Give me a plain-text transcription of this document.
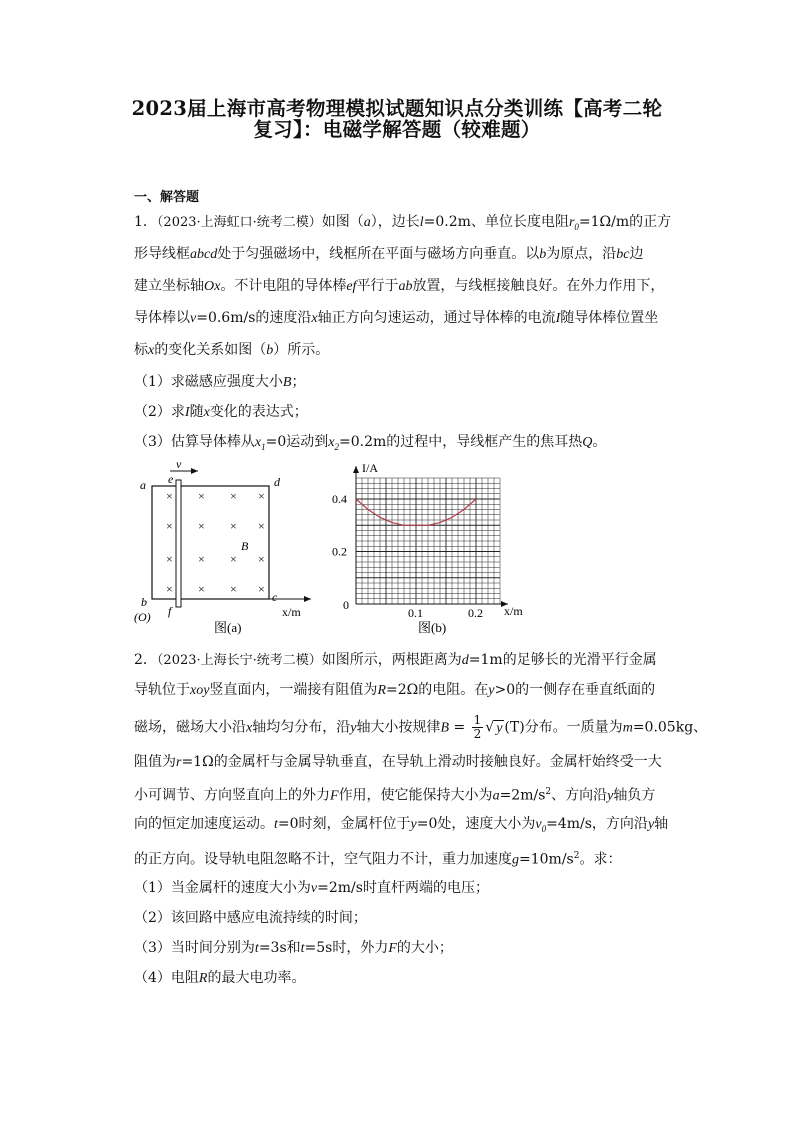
2023届上海市高考物理模拟试题知识点分类训练【高考二轮
复习】：电磁学解答题（较难题）
一、解答题
1．（2023·上海虹口·统考二模）如图（a），边长l=0.2m、单位长度电阻$r_0=1\Omega/m$的正方
形导线框abcd处于匀强磁场中，线框所在平面与磁场方向垂直。以b为原点，沿bc边
建立坐标轴Ox。不计电阻的导体棒ef平行于ab放置，与线框接触良好。在外力作用下，
导体棒以v=0.6m/s的速度沿x轴正方向匀速运动，通过导体棒的电流I随导体棒位置坐
标x的变化关系如图（b）所示。
（1）求磁感应强度大小B；
（2）求I随x变化的表达式；
（3）估算导体棒从$x_1=0$运动到$x_2=0.2m$的过程中，导线框产生的焦耳热Q。
v
a e	d
B
b
(O) f
c
x/m
图(a)
× × × ×
× × × ×
× × × ×
× × × ×
I/A
x/m
0
0.1	0.2
0.2
0.4
图(b)
2．（2023·上海长宁·统考二模）如图所示，两根距离为d=1m的足够长的光滑平行金属
导轨位于xoy竖直面内，一端接有阻值为R=2Ω的电阻。在y>0的一侧存在垂直纸面的
磁场，磁场大小沿x轴均匀分布，沿y轴大小按规律$B = \frac{1}{2}$ √ y (T)分布。一质量为m=0.05kg、
阻值为r=1Ω的金属杆与金属导轨垂直，在导轨上滑动时接触良好。金属杆始终受一大
小可调节、方向竖直向上的外力F作用，使它能保持大小为$a=2m/s^2$、方向沿y轴负方
向的恒定加速度运动。t=0时刻，金属杆位于y=0处，速度大小为$v_0=4m/s$，方向沿y轴
的正方向。设导轨电阻忽略不计，空气阻力不计，重力加速度$g=10m/s^2$。求：
（1）当金属杆的速度大小为v=2m/s时直杆两端的电压；
（2）该回路中感应电流持续的时间；
（3）当时间分别为t=3s和t=5s时，外力F的大小；
（4）电阻R的最大电功率。
